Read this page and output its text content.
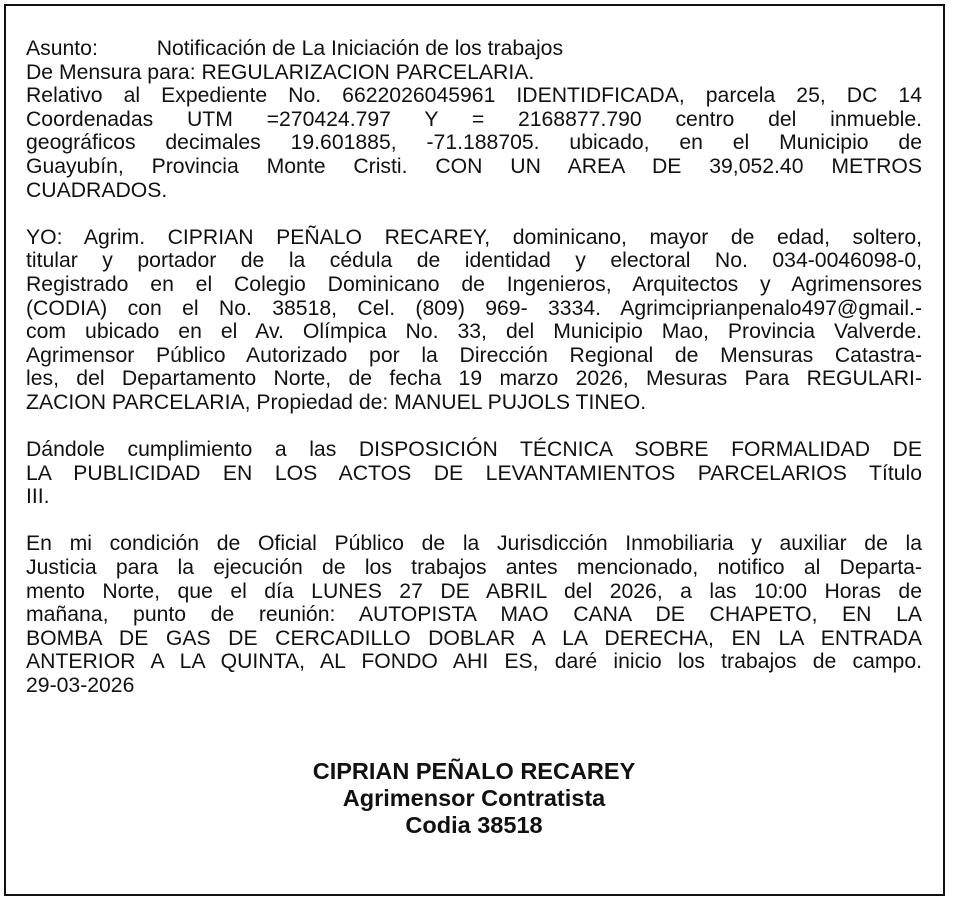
Asunto:          Notificación de La Iniciación de los trabajos
De Mensura para: REGULARIZACION PARCELARIA.
Relativo al Expediente No. 6622026045961 IDENTIDFICADA, parcela 25, DC 14
Coordenadas UTM =270424.797 Y = 2168877.790 centro del inmueble.
geográficos decimales 19.601885, -71.188705. ubicado, en el Municipio de
Guayubín, Provincia Monte Cristi. CON UN AREA DE 39,052.40 METROS
CUADRADOS.
YO: Agrim. CIPRIAN PEÑALO RECAREY, dominicano, mayor de edad, soltero,
titular y portador de la cédula de identidad y electoral No. 034-0046098-0,
Registrado en el Colegio Dominicano de Ingenieros, Arquitectos y Agrimensores
(CODIA) con el No. 38518, Cel. (809) 969- 3334. Agrimciprianpenalo497@gmail.-
com ubicado en el Av. Olímpica No. 33, del Municipio Mao, Provincia Valverde.
Agrimensor Público Autorizado por la Dirección Regional de Mensuras Catastra-
les, del Departamento Norte, de fecha 19 marzo 2026, Mesuras Para REGULARI-
ZACION PARCELARIA, Propiedad de: MANUEL PUJOLS TINEO.
Dándole cumplimiento a las DISPOSICIÓN TÉCNICA SOBRE FORMALIDAD DE
LA PUBLICIDAD EN LOS ACTOS DE LEVANTAMIENTOS PARCELARIOS Título
III.
En mi condición de Oficial Público de la Jurisdicción Inmobiliaria y auxiliar de la
Justicia para la ejecución de los trabajos antes mencionado, notifico al Departa-
mento Norte, que el día LUNES 27 DE ABRIL del 2026, a las 10:00 Horas de
mañana, punto de reunión: AUTOPISTA MAO CANA DE CHAPETO, EN LA
BOMBA DE GAS DE CERCADILLO DOBLAR A LA DERECHA, EN LA ENTRADA
ANTERIOR A LA QUINTA, AL FONDO AHI ES, daré inicio los trabajos de campo.
29-03-2026
CIPRIAN PEÑALO RECAREY
Agrimensor Contratista
Codia 38518
